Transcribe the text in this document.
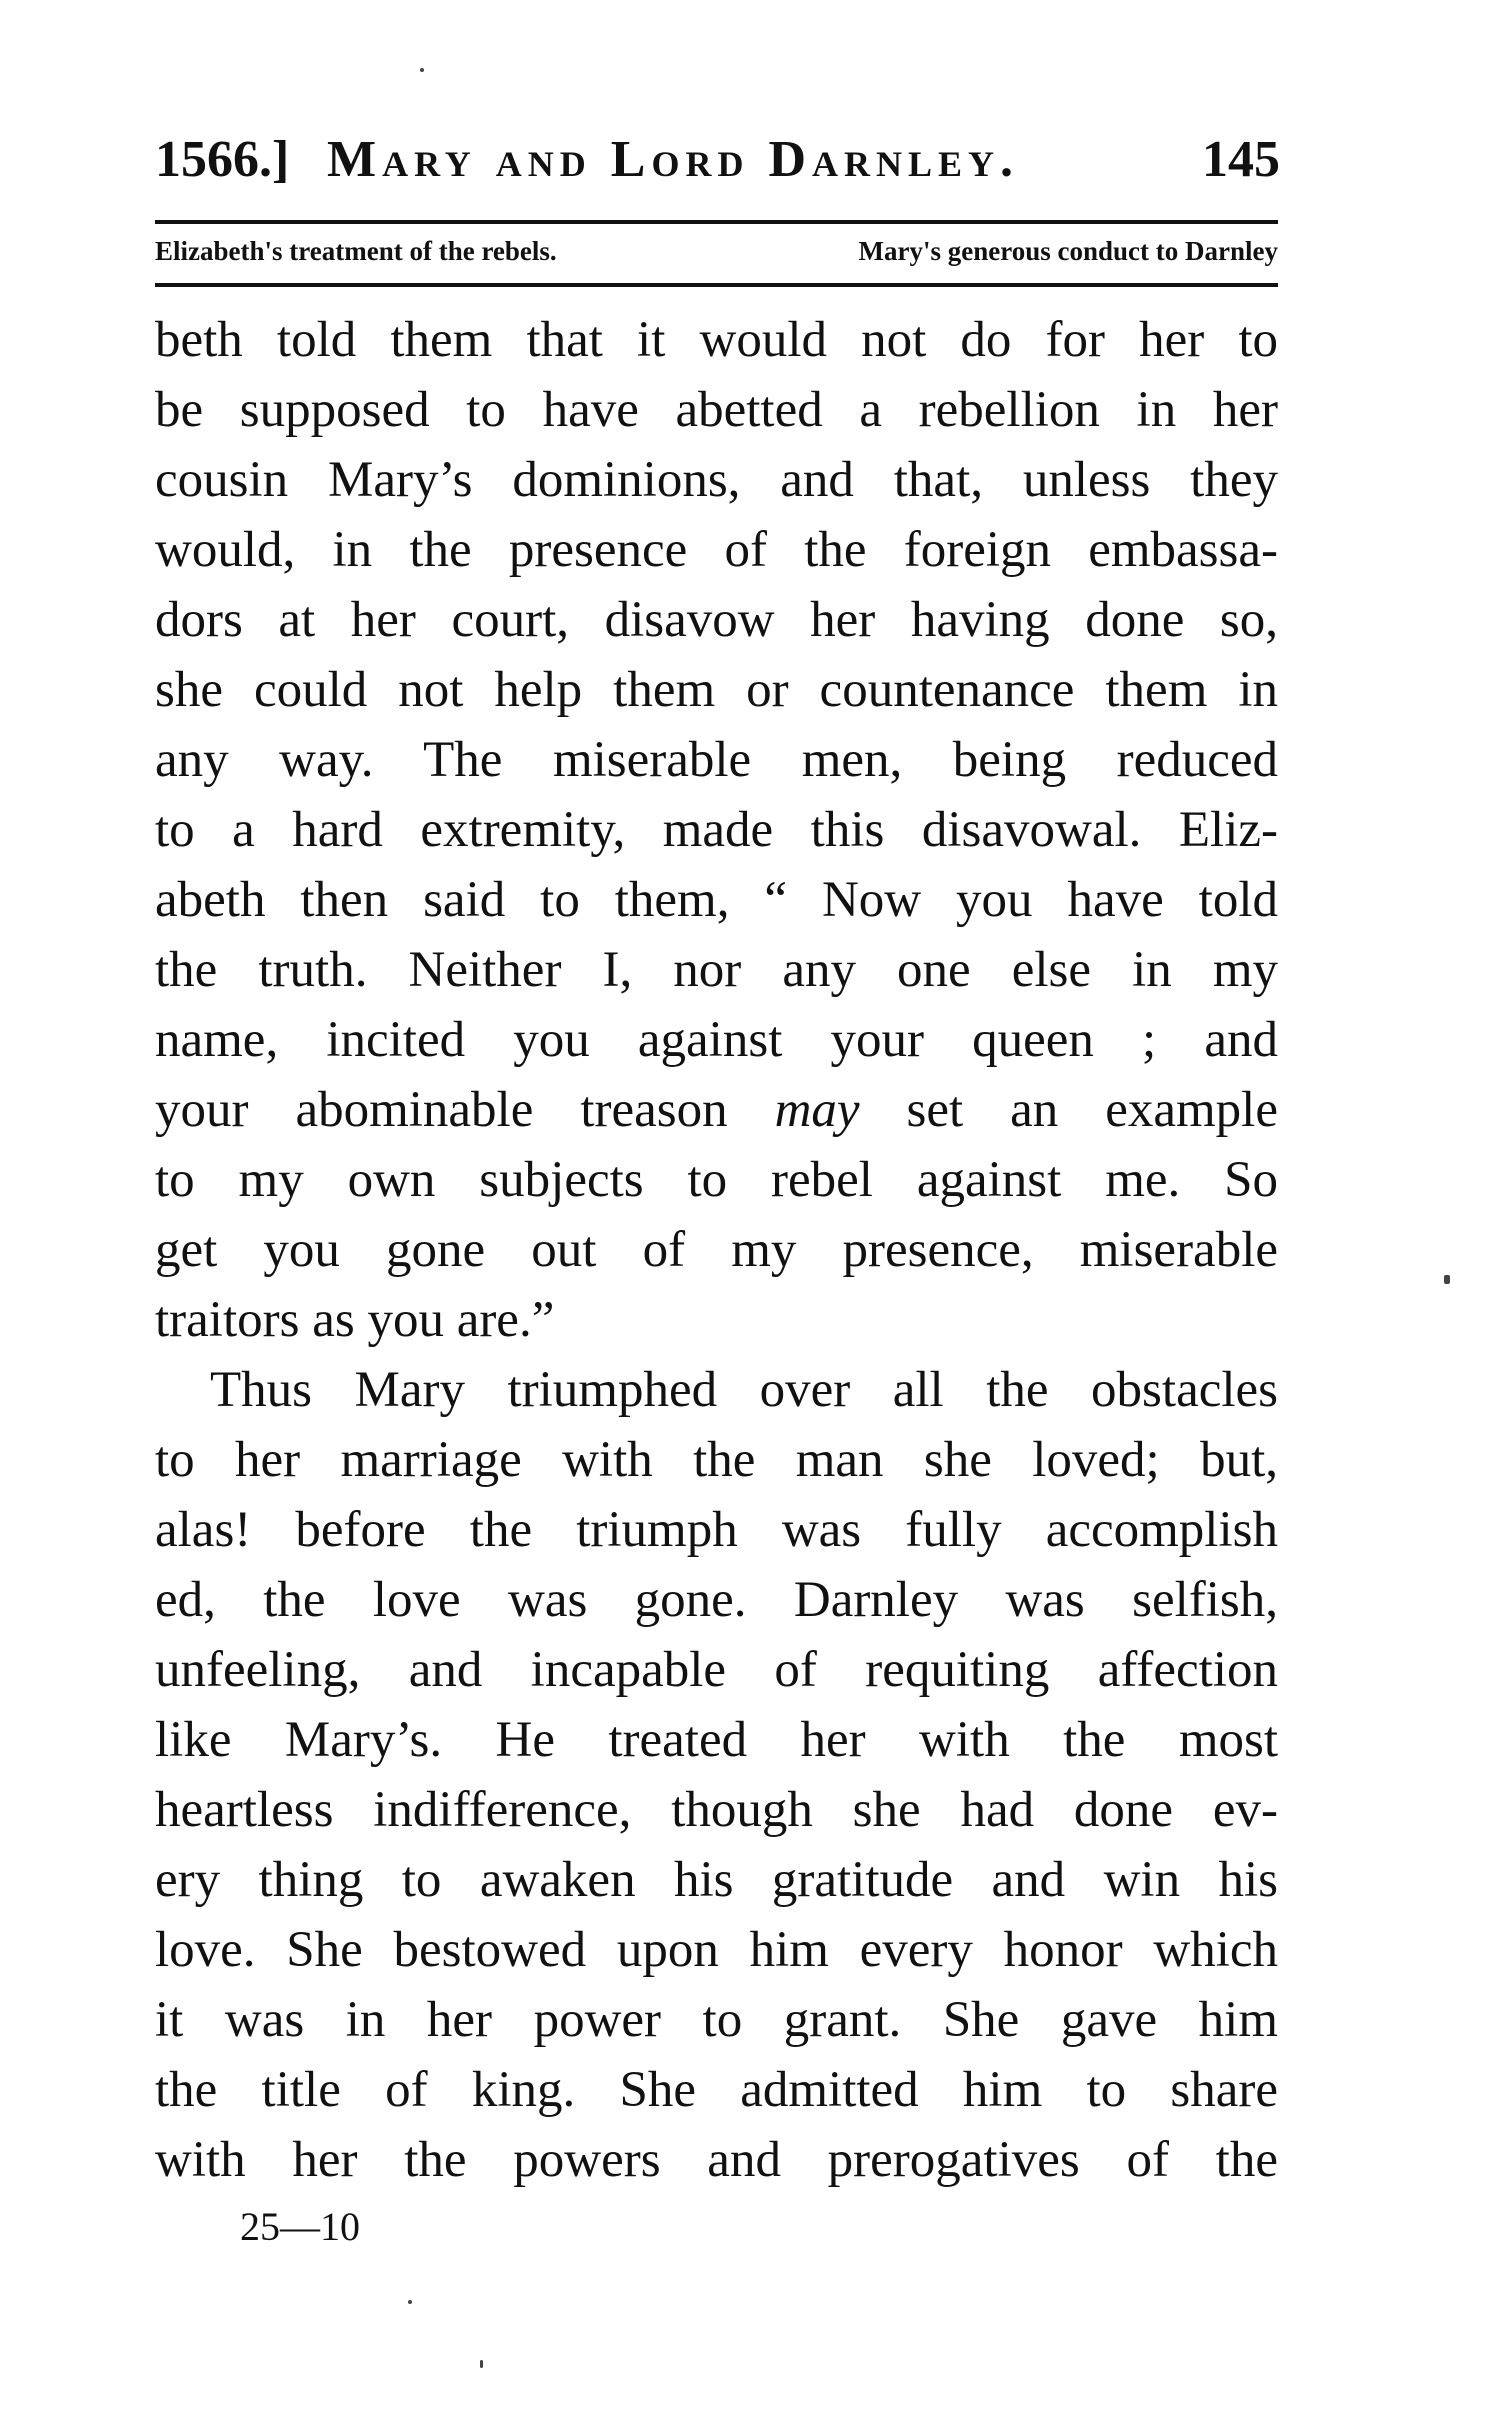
1566.] Mary and Lord Darnley.	145
Elizabeth's treatment of the rebels.	Mary's generous conduct to Darnley
beth told them that it would not do for her to
be supposed to have abetted a rebellion in her
cousin Mary’s dominions, and that, unless they
would, in the presence of the foreign embassa-
dors at her court, disavow her having done so,
she could not help them or countenance them in
any way. The miserable men, being reduced
to a hard extremity, made this disavowal. Eliz-
abeth then said to them, “ Now you have told
the truth. Neither I, nor any one else in my
name, incited you against your queen ; and
your abominable treason may set an example
to my own subjects to rebel against me. So
get you gone out of my presence, miserable
traitors as you are.”
Thus Mary triumphed over all the obstacles
to her marriage with the man she loved; but,
alas! before the triumph was fully accomplish
ed, the love was gone. Darnley was selfish,
unfeeling, and incapable of requiting affection
like Mary’s. He treated her with the most
heartless indifference, though she had done ev-
ery thing to awaken his gratitude and win his
love. She bestowed upon him every honor which
it was in her power to grant. She gave him
the title of king. She admitted him to share
with her the powers and prerogatives of the
25—10
